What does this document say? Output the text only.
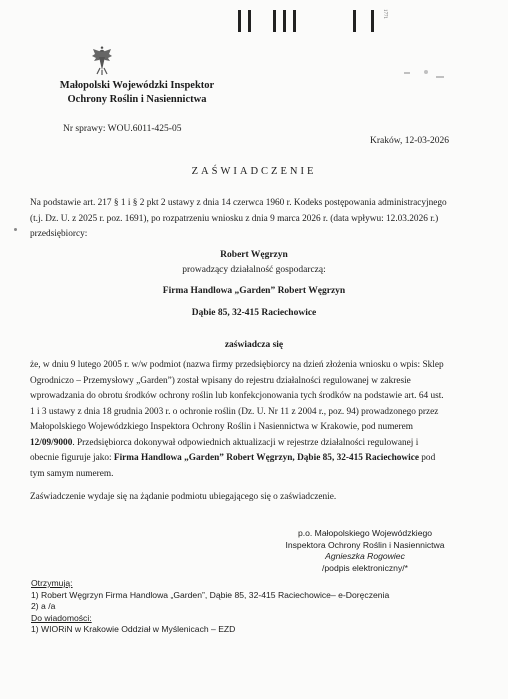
1771
Małopolski Wojewódzki Inspektor
Ochrony Roślin i Nasiennictwa
Nr sprawy: WOU.6011-425-05
Kraków, 12-03-2026
ZAŚWIADCZENIE
Na podstawie art. 217 § 1 i § 2 pkt 2 ustawy z dnia 14 czerwca 1960 r. Kodeks postępowania administracyjnego
(t.j. Dz. U. z 2025 r. poz. 1691), po rozpatrzeniu wniosku z dnia 9 marca 2026 r. (data wpływu: 12.03.2026 r.)
przedsiębiorcy:
Robert Węgrzyn
prowadzący działalność gospodarczą:
Firma Handlowa „Garden” Robert Węgrzyn
Dąbie 85, 32-415 Raciechowice
zaświadcza się
że, w dniu 9 lutego 2005 r. w/w podmiot (nazwa firmy przedsiębiorcy na dzień złożenia wniosku o wpis: Sklep
Ogrodniczo – Przemysłowy „Garden”) został wpisany do rejestru działalności regulowanej w zakresie
wprowadzania do obrotu środków ochrony roślin lub konfekcjonowania tych środków na podstawie art. 64 ust.
1 i 3 ustawy z dnia 18 grudnia 2003 r. o ochronie roślin (Dz. U. Nr 11 z 2004 r., poz. 94) prowadzonego przez
Małopolskiego Wojewódzkiego Inspektora Ochrony Roślin i Nasiennictwa w Krakowie, pod numerem
12/09/9000. Przedsiębiorca dokonywał odpowiednich aktualizacji w rejestrze działalności regulowanej i
obecnie figuruje jako: Firma Handlowa „Garden” Robert Węgrzyn, Dąbie 85, 32-415 Raciechowice pod
tym samym numerem.
Zaświadczenie wydaje się na żądanie podmiotu ubiegającego się o zaświadczenie.
p.o. Małopolskiego Wojewódzkiego
Inspektora Ochrony Roślin i Nasiennictwa
Agnieszka Rogowiec
/podpis elektroniczny/*
Otrzymują:
1) Robert Węgrzyn Firma Handlowa „Garden”, Dąbie 85, 32-415 Raciechowice– e-Doręczenia
2) a /a
Do wiadomości:
1) WIORiN w Krakowie Oddział w Myślenicach – EZD
